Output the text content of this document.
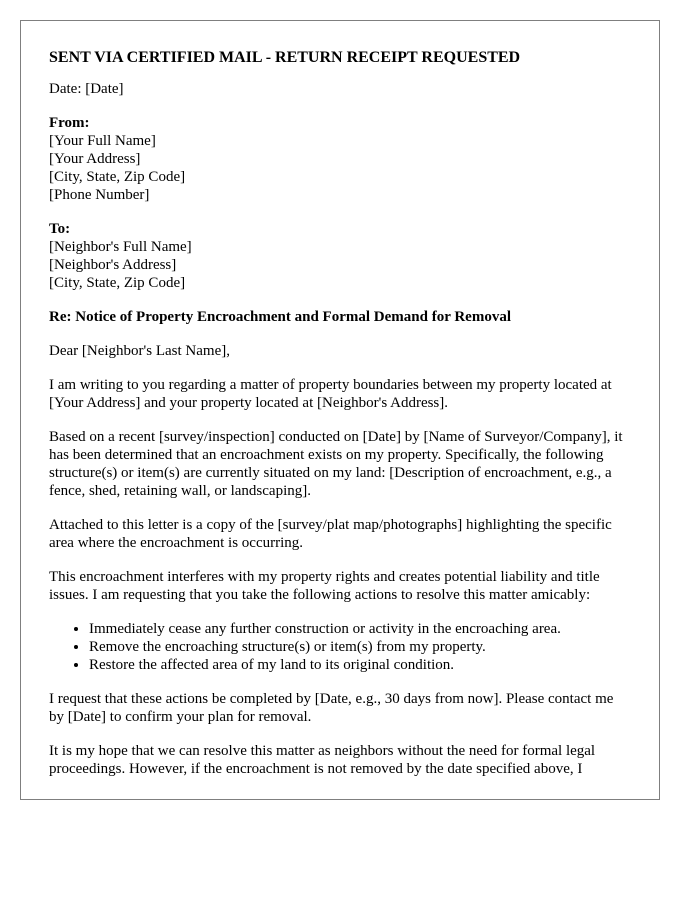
SENT VIA CERTIFIED MAIL - RETURN RECEIPT REQUESTED

Date: [Date]

From:
[Your Full Name]
[Your Address]
[City, State, Zip Code]
[Phone Number]
To:
[Neighbor's Full Name]
[Neighbor's Address]
[City, State, Zip Code]
Re: Notice of Property Encroachment and Formal Demand for Removal

Dear [Neighbor's Last Name],

I am writing to you regarding a matter of property boundaries between my property located at [Your Address] and your property located at [Neighbor's Address].

Based on a recent [survey/inspection] conducted on [Date] by [Name of Surveyor/Company], it has been determined that an encroachment exists on my property. Specifically, the following structure(s) or item(s) are currently situated on my land: [Description of encroachment, e.g., a fence, shed, retaining wall, or landscaping].

Attached to this letter is a copy of the [survey/plat map/photographs] highlighting the specific area where the encroachment is occurring.

This encroachment interferes with my property rights and creates potential liability and title issues. I am requesting that you take the following actions to resolve this matter amicably:

• Immediately cease any further construction or activity in the encroaching area.
• Remove the encroaching structure(s) or item(s) from my property.
• Restore the affected area of my land to its original condition.

I request that these actions be completed by [Date, e.g., 30 days from now]. Please contact me by [Date] to confirm your plan for removal.

It is my hope that we can resolve this matter as neighbors without the need for formal legal proceedings. However, if the encroachment is not removed by the date specified above, I
